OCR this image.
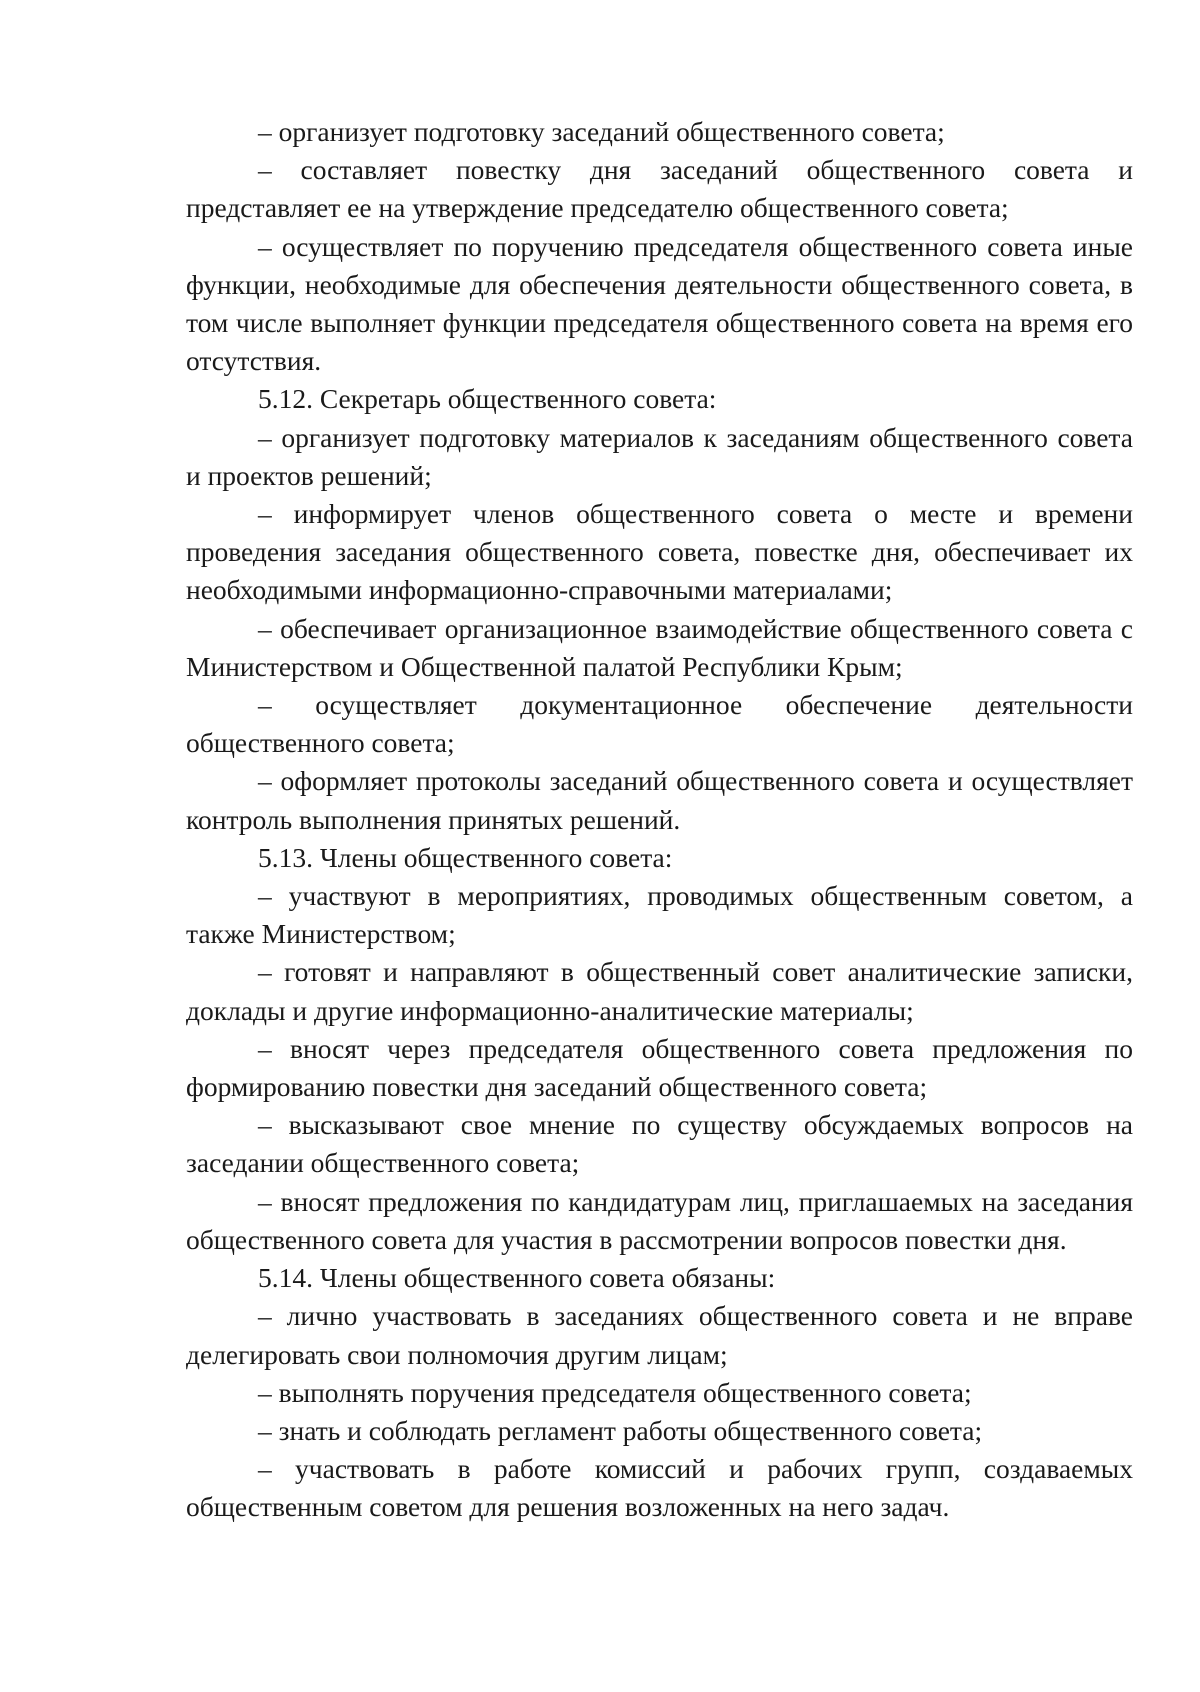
– организует подготовку заседаний общественного совета;

– составляет повестку дня заседаний общественного совета и представляет ее на утверждение председателю общественного совета;

– осуществляет по поручению председателя общественного совета иные функции, необходимые для обеспечения деятельности общественного совета, в том числе выполняет функции председателя общественного совета на время его отсутствия.

5.12. Секретарь общественного совета:

– организует подготовку материалов к заседаниям общественного совета и проектов решений;

– информирует членов общественного совета о месте и времени проведения заседания общественного совета, повестке дня, обеспечивает их необходимыми информационно-справочными материалами;

– обеспечивает организационное взаимодействие общественного совета с Министерством и Общественной палатой Республики Крым;

– осуществляет документационное обеспечение деятельности общественного совета;

– оформляет протоколы заседаний общественного совета и осуществляет контроль выполнения принятых решений.

5.13. Члены общественного совета:

– участвуют в мероприятиях, проводимых общественным советом, а также Министерством;

– готовят и направляют в общественный совет аналитические записки, доклады и другие информационно-аналитические материалы;

– вносят через председателя общественного совета предложения по формированию повестки дня заседаний общественного совета;

– высказывают свое мнение по существу обсуждаемых вопросов на заседании общественного совета;

– вносят предложения по кандидатурам лиц, приглашаемых на заседания общественного совета для участия в рассмотрении вопросов повестки дня.

5.14. Члены общественного совета обязаны:

– лично участвовать в заседаниях общественного совета и не вправе делегировать свои полномочия другим лицам;

– выполнять поручения председателя общественного совета;

– знать и соблюдать регламент работы общественного совета;

– участвовать в работе комиссий и рабочих групп, создаваемых общественным советом для решения возложенных на него задач.
